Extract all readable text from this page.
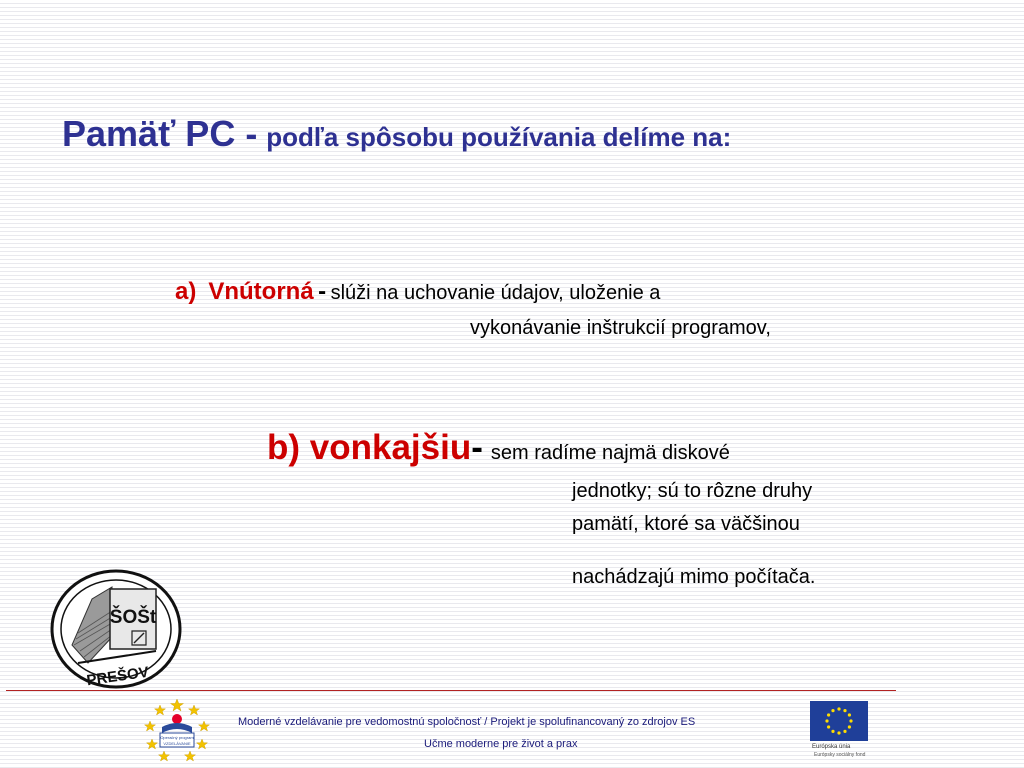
Pamäť PC - podľa spôsobu používania delíme na:
a) Vnútorná - slúži na uchovanie údajov, uloženie a
vykonávanie inštrukcií programov,
b) vonkajšiu- sem radíme najmä diskové
jednotky; sú to rôzne druhy
pamätí, ktoré sa väčšinou
nachádzajú mimo počítača.
ŠOŠt
PREŠOV
Operačný program
VZDELÁVANIE
Moderné vzdelávanie pre vedomostnú spoločnosť / Projekt je spolufinancovaný zo zdrojov ES
Učme moderne pre život a prax	Európska únia
Európsky sociálny fond
